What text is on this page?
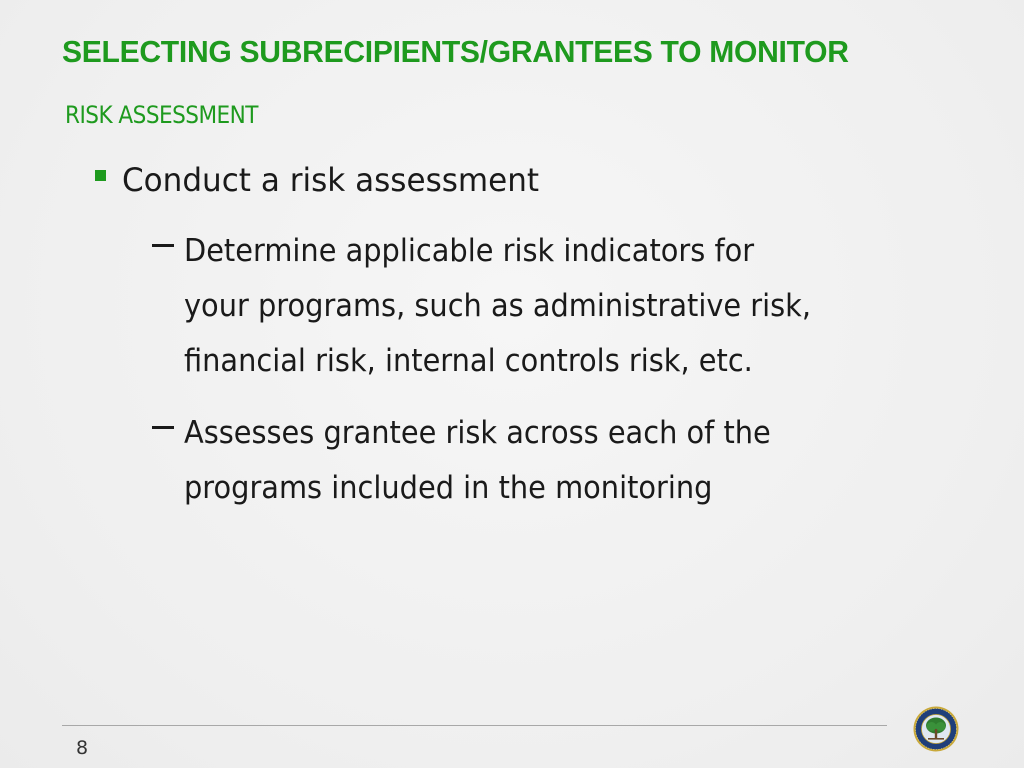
SELECTING SUBRECIPIENTS/GRANTEES TO MONITOR
RISK ASSESSMENT
Conduct a risk assessment
Determine applicable risk indicators for
your programs, such as administrative risk,
financial risk, internal controls risk, etc.
Assesses grantee risk across each of the
programs included in the monitoring
8
